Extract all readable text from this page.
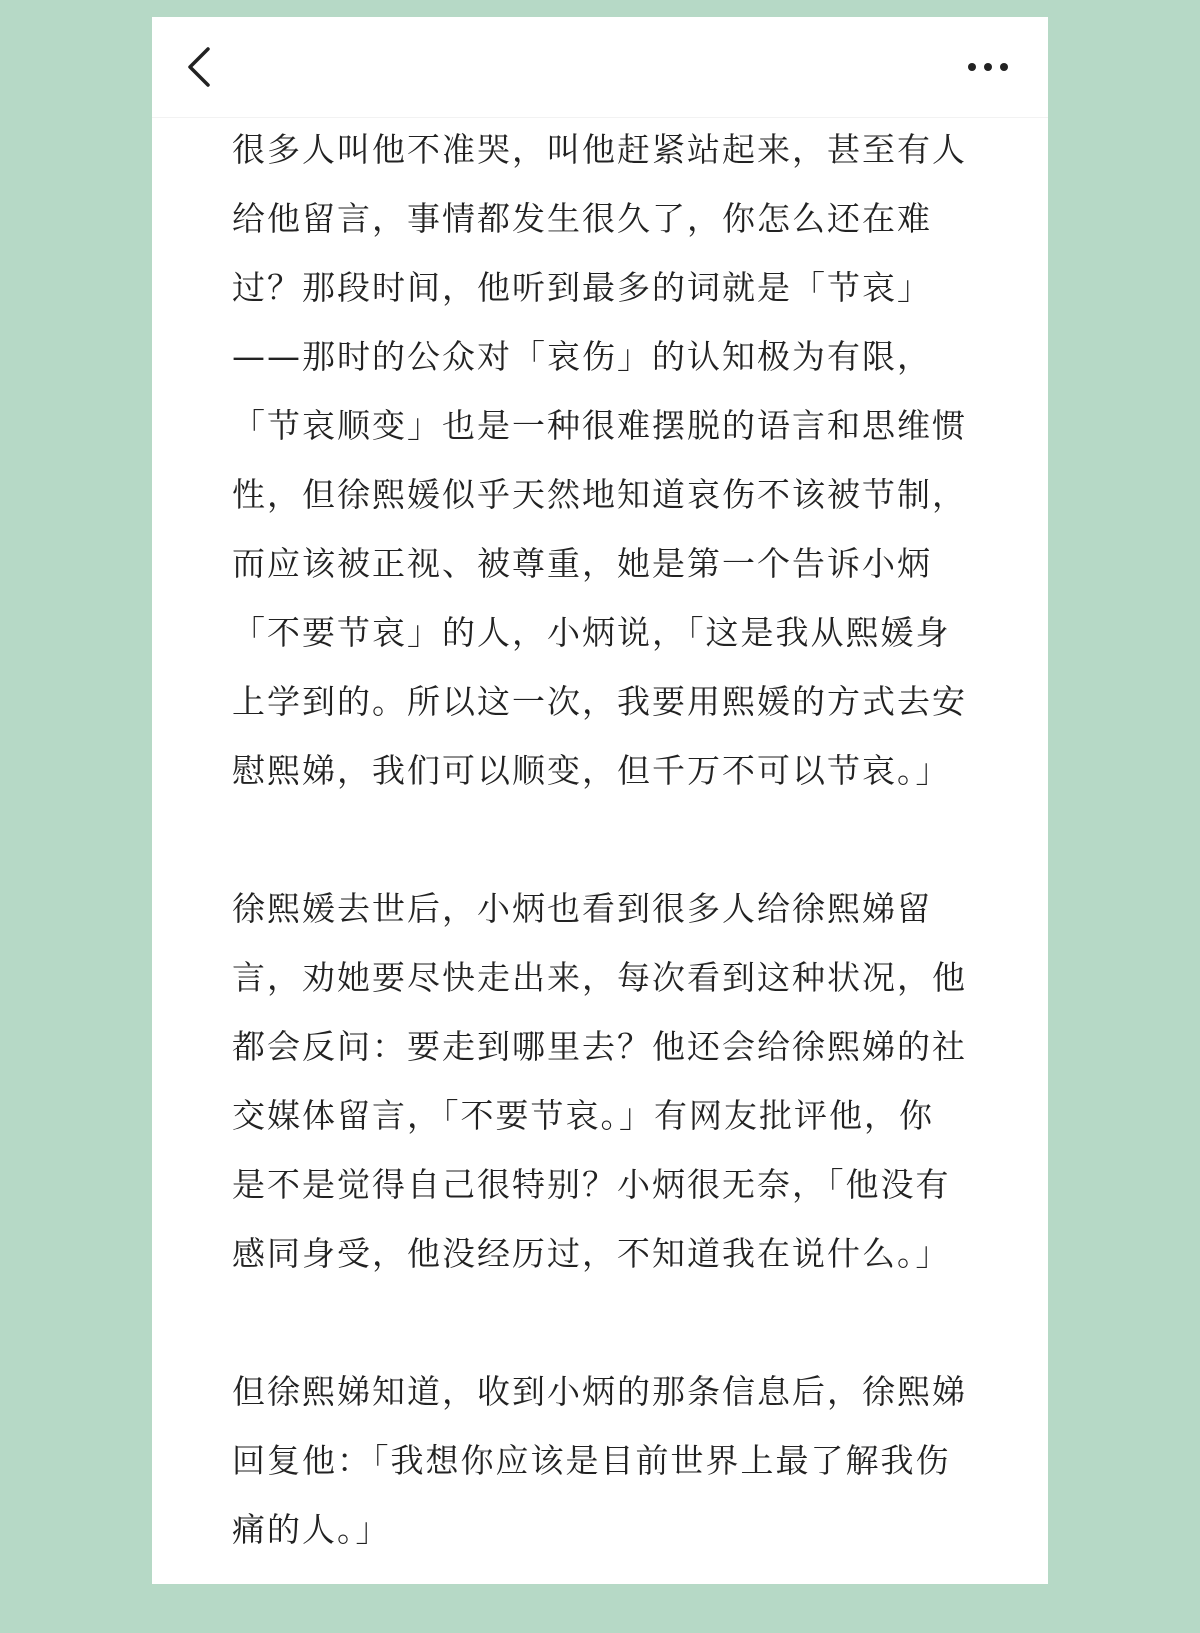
很多人叫他不准哭，叫他赶紧站起来，甚至有人
给他留言，事情都发生很久了，你怎么还在难
过？那段时间，他听到最多的词就是「节哀」
——那时的公众对「哀伤」的认知极为有限，
「节哀顺变」也是一种很难摆脱的语言和思维惯
性，但徐熙媛似乎天然地知道哀伤不该被节制，
而应该被正视、被尊重，她是第一个告诉小炳
「不要节哀」的人，小炳说，「这是我从熙媛身
上学到的。所以这一次，我要用熙媛的方式去安
慰熙娣，我们可以顺变，但千万不可以节哀。」
徐熙媛去世后，小炳也看到很多人给徐熙娣留
言，劝她要尽快走出来，每次看到这种状况，他
都会反问：要走到哪里去？他还会给徐熙娣的社
交媒体留言，「不要节哀。」有网友批评他，你
是不是觉得自己很特别？小炳很无奈，「他没有
感同身受，他没经历过，不知道我在说什么。」
但徐熙娣知道，收到小炳的那条信息后，徐熙娣
回复他：「我想你应该是目前世界上最了解我伤
痛的人。」
